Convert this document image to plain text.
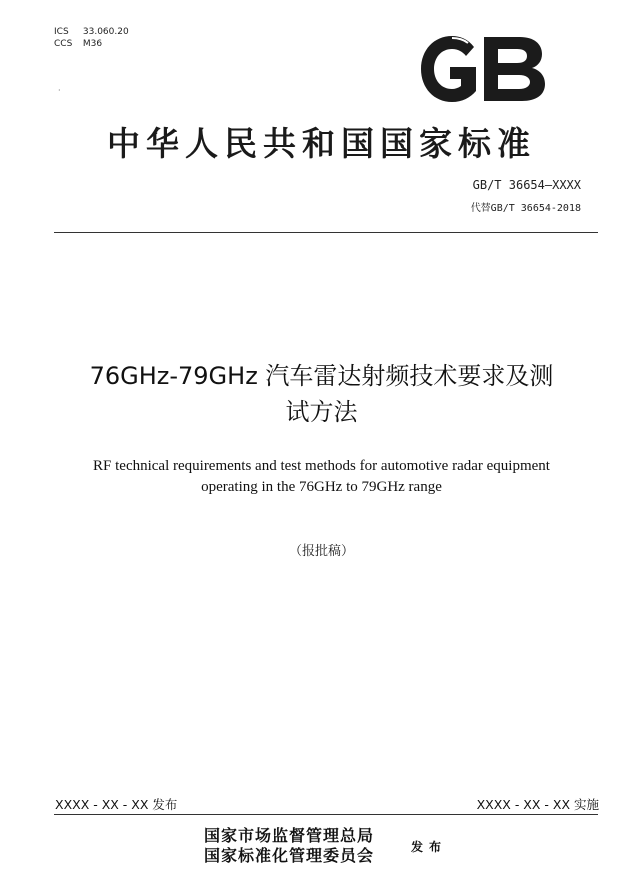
ICS 33.060.20
CCS M36
·
中华人民共和国国家标准
GB/T 36654—XXXX
代替GB/T 36654-2018
76GHz-79GHz 汽车雷达射频技术要求及测
试方法
RF technical requirements and test methods for automotive radar equipment
operating in the 76GHz to 79GHz range
（报批稿）
XXXX - XX - XX 发布	XXXX - XX - XX 实施
国家市场监督管理总局
国家标准化管理委员会	发布
